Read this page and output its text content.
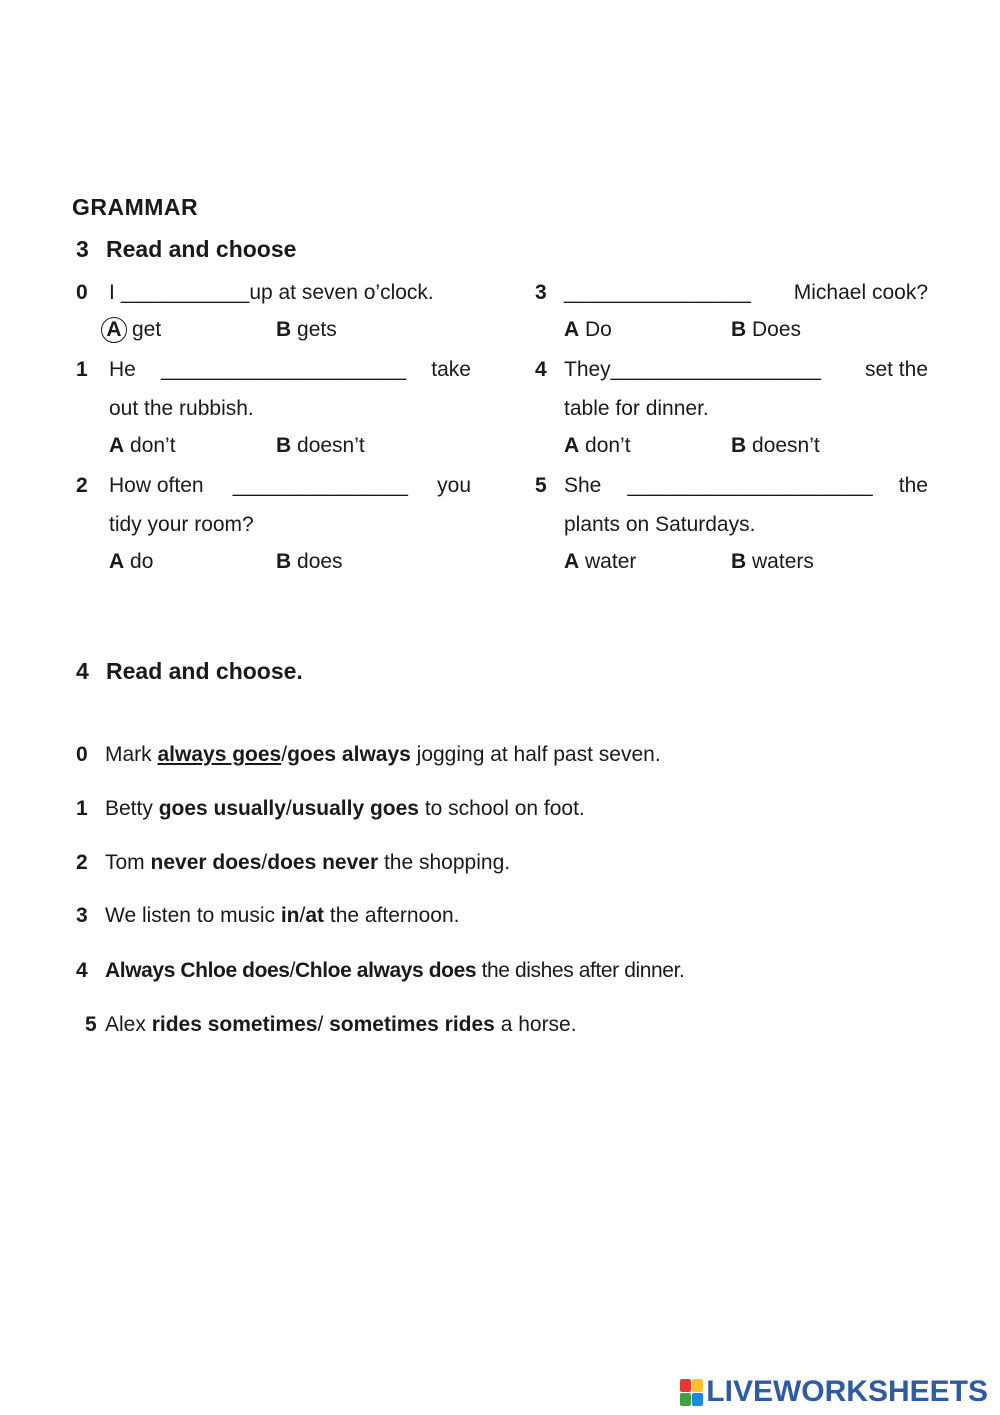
GRAMMAR
3 Read and choose
0	I ___________up at seven o’clock.
A get	B gets
1	He _____________________ take
out the rubbish.
A don’t	B doesn’t
2	How often _______________ you
tidy your room?
A do	B does
3 ________________ Michael cook?
A Do	B Does
4 They__________________ set the
table for dinner.
A don’t	B doesn’t
5 She _____________________ the
plants on Saturdays.
A water	B waters
4 Read and choose.
0 Mark always goes/goes always jogging at half past seven.
1 Betty goes usually/usually goes to school on foot.
2 Tom never does/does never the shopping.
3 We listen to music in/at the afternoon.
4 Always Chloe does/Chloe always does the dishes after dinner.
5 Alex rides sometimes/ sometimes rides a horse.
LIVEWORKSHEETS
